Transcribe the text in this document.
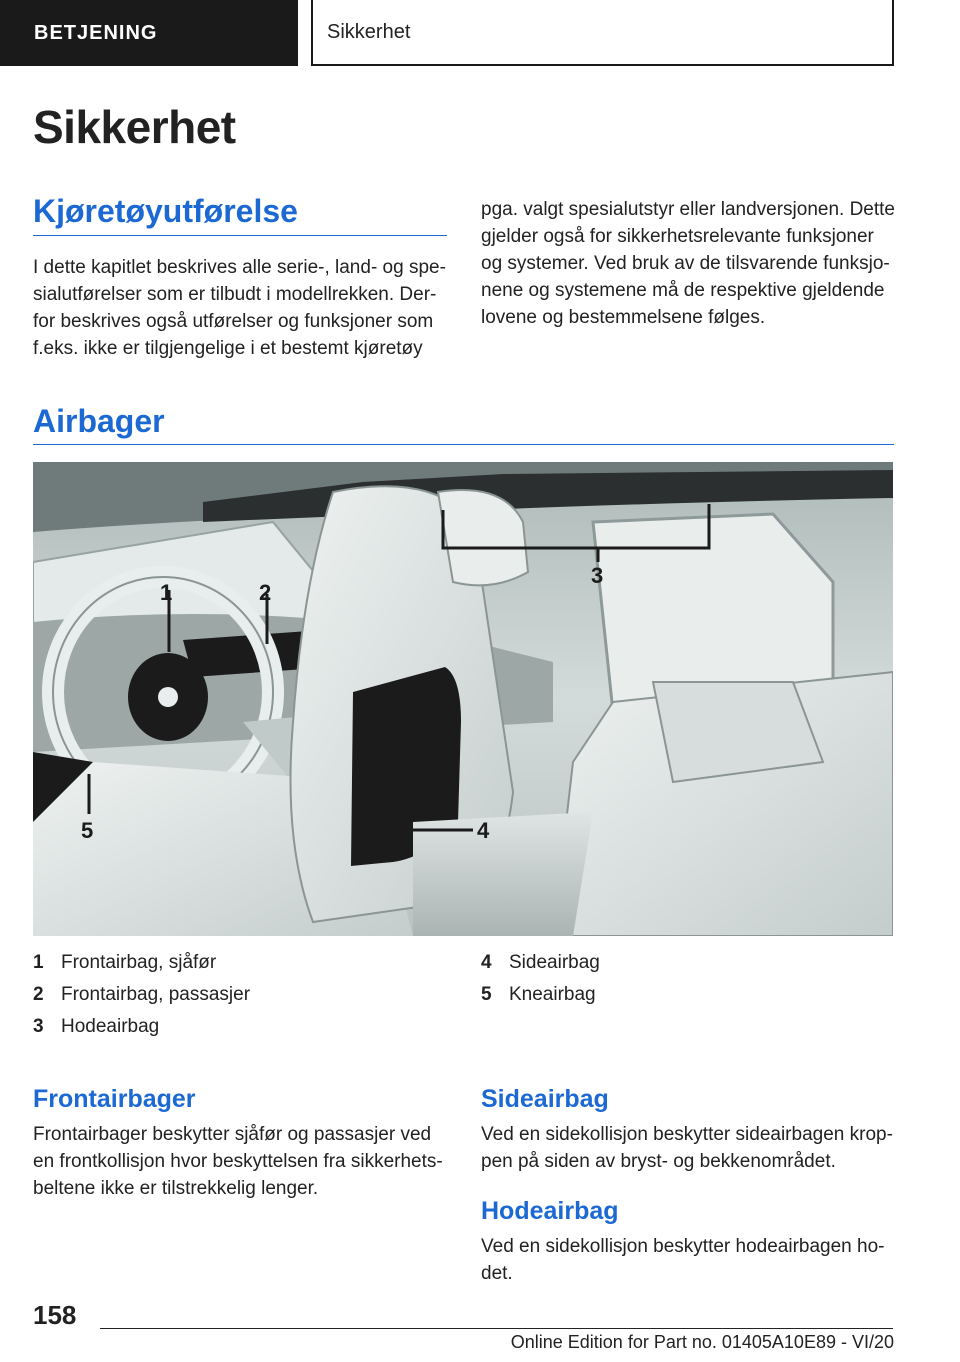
BETJENING	Sikkerhet
Sikkerhet
Kjøretøyutførelse
I dette kapitlet beskrives alle serie-, land- og spe-
sialutførelser som er tilbudt i modellrekken. Der-
for beskrives også utførelser og funksjoner som
f.eks. ikke er tilgjengelige i et bestemt kjøretøy
pga. valgt spesialutstyr eller landversjonen. Dette
gjelder også for sikkerhetsrelevante funksjoner
og systemer. Ved bruk av de tilsvarende funksjo-
nene og systemene må de respektive gjeldende
lovene og bestemmelsene følges.
Airbager
1	2
3
4
5
1 Frontairbag, sjåfør
2 Frontairbag, passasjer
3 Hodeairbag
4 Sideairbag
5 Kneairbag
Frontairbager
Frontairbager beskytter sjåfør og passasjer ved
en frontkollisjon hvor beskyttelsen fra sikkerhets-
beltene ikke er tilstrekkelig lenger.
Sideairbag
Ved en sidekollisjon beskytter sideairbagen krop-
pen på siden av bryst- og bekkenområdet.
Hodeairbag
Ved en sidekollisjon beskytter hodeairbagen ho-
det.
158
Online Edition for Part no. 01405A10E89 - VI/20
